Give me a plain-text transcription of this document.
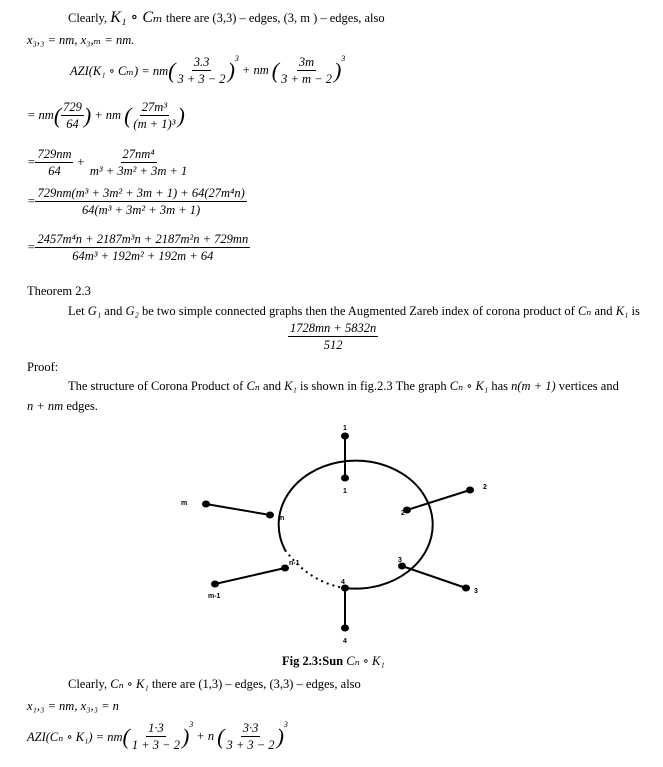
Clearly, K₁ ∘ Cₘ there are (3,3) – edges, (3, m ) – edges, also
x₃,₃ = nm, x₃,ₘ = nm.
AZI(K₁ ∘ Cₘ) = nm ( $\frac{3.3}{3 + 3 - 2} )^3$
+ nm ( $\frac{3m}{3 + m - 2} )^3$
= nm ( $\frac{729}{64}$ ) + nm ( $\frac{\text{27m³}}{\text{(m + 1)³}}$ )
= $\frac{729nm}{64} + \frac{\text{27nm⁴}}{\text{m³ + 3m² + 3m + 1}}$
= $\frac{\text{729nm(m³ + 3m² + 3m + 1) + 64(27m⁴n)}}{\text{64(m³ + 3m² + 3m + 1)}}$
= $\frac{\text{2457m⁴n + 2187m³n + 2187m²n + 729mn}}{\text{64m³ + 192m² + 192m + 64}}$
Theorem 2.3
Let G₁ and G₂ be two simple connected graphs then the Augmented Zareb index of corona product of Cₙ and K₁ is
$\frac{1728mn + 5832n}{512}$
Proof:
The structure of Corona Product of Cₙ and K₁ is shown in fig.2.3 The graph Cₙ ∘ K₁ has n(m + 1) vertices and
n + nm edges.
1
1
2
2
3
3
4
4
m
n
m-1
n-1
Fig 2.3:Sun Cₙ ∘ K₁
Clearly, Cₙ ∘ K₁ there are (1,3) – edges, (3,3) – edges, also
x₁,₃ = nm, x₃,₃ = n
AZI(Cₙ ∘ K₁) = nm ( $\frac{1\cdot 3}{1 + 3 - 2} )^3$
+ n ( $\frac{3\cdot 3}{3 + 3 - 2} )^3$
